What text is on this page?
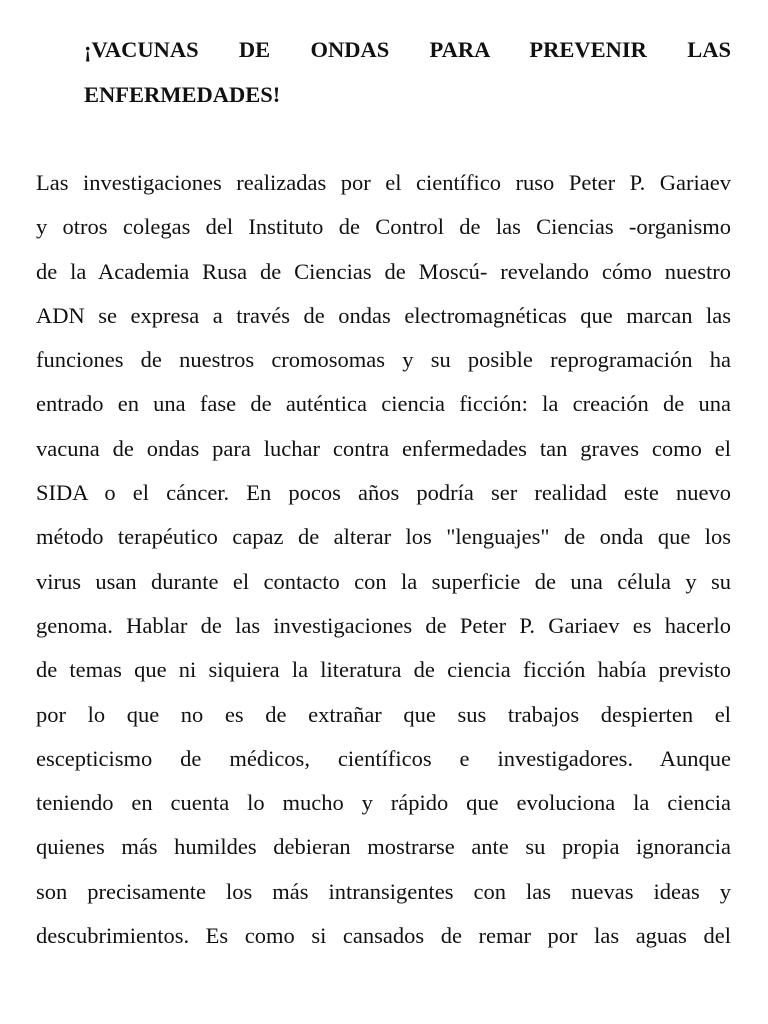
¡VACUNAS DE ONDAS PARA PREVENIR LAS
ENFERMEDADES!

Las investigaciones realizadas por el científico ruso Peter P. Gariaev
y otros colegas del Instituto de Control de las Ciencias -organismo
de la Academia Rusa de Ciencias de Moscú- revelando cómo nuestro
ADN se expresa a través de ondas electromagnéticas que marcan las
funciones de nuestros cromosomas y su posible reprogramación ha
entrado en una fase de auténtica ciencia ficción: la creación de una
vacuna de ondas para luchar contra enfermedades tan graves como el
SIDA o el cáncer. En pocos años podría ser realidad este nuevo
método terapéutico capaz de alterar los "lenguajes" de onda que los
virus usan durante el contacto con la superficie de una célula y su
genoma. Hablar de las investigaciones de Peter P. Gariaev es hacerlo
de temas que ni siquiera la literatura de ciencia ficción había previsto
por lo que no es de extrañar que sus trabajos despierten el
escepticismo de médicos, científicos e investigadores. Aunque
teniendo en cuenta lo mucho y rápido que evoluciona la ciencia
quienes más humildes debieran mostrarse ante su propia ignorancia
son precisamente los más intransigentes con las nuevas ideas y
descubrimientos. Es como si cansados de remar por las aguas del
